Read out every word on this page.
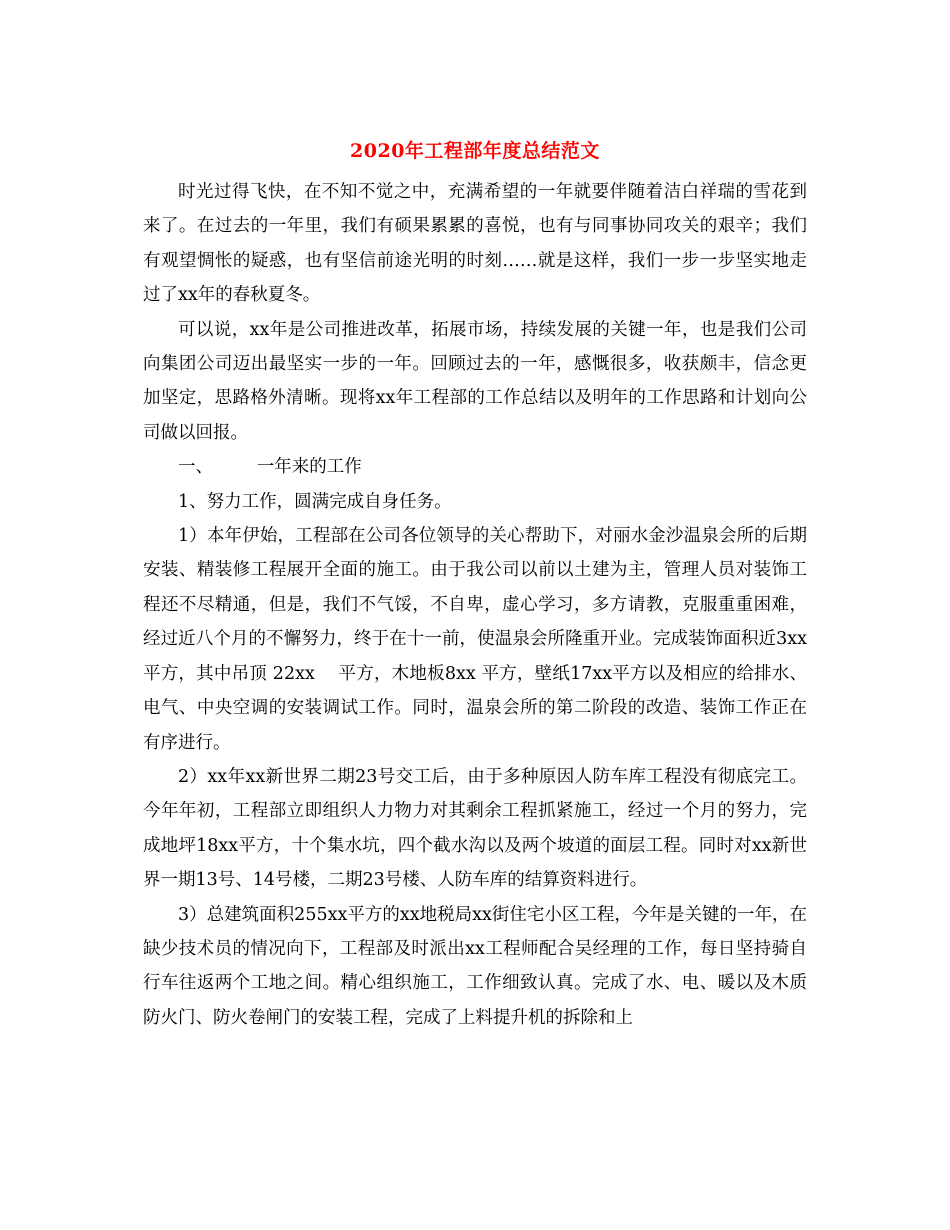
2020年工程部年度总结范文

时光过得飞快，在不知不觉之中，充满希望的一年就要伴随着洁白祥瑞的雪花到来了。在过去的一年里，我们有硕果累累的喜悦，也有与同事协同攻关的艰辛；我们有观望惆怅的疑惑，也有坚信前途光明的时刻……就是这样，我们一步一步坚实地走过了xx年的春秋夏冬。

可以说，xx年是公司推进改革，拓展市场，持续发展的关键一年，也是我们公司向集团公司迈出最坚实一步的一年。回顾过去的一年，感慨很多，收获颇丰，信念更加坚定，思路格外清晰。现将xx年工程部的工作总结以及明年的工作思路和计划向公司做以回报。

一、　　　	一年来的工作

1、努力工作，圆满完成自身任务。

1）本年伊始，工程部在公司各位领导的关心帮助下，对丽水金沙温泉会所的后期安装、精装修工程展开全面的施工。由于我公司以前以土建为主，管理人员对装饰工程还不尽精通，但是，我们不气馁，不自卑，虚心学习，多方请教，克服重重困难，经过近八个月的不懈努力，终于在十一前，使温泉会所隆重开业。完成装饰面积近3xx平方，其中吊顶 22xx　 平方，木地板8xx 平方，壁纸17xx平方以及相应的给排水、电气、中央空调的安装调试工作。同时，温泉会所的第二阶段的改造、装饰工作正在有序进行。

2）xx年xx新世界二期23号交工后，由于多种原因人防车库工程没有彻底完工。今年年初，工程部立即组织人力物力对其剩余工程抓紧施工，经过一个月的努力，完成地坪18xx平方，十个集水坑，四个截水沟以及两个坡道的面层工程。同时对xx新世界一期13号、14号楼，二期23号楼、人防车库的结算资料进行。

3）总建筑面积255xx平方的xx地税局xx街住宅小区工程，今年是关键的一年，在缺少技术员的情况向下，工程部及时派出xx工程师配合吴经理的工作，每日坚持骑自行车往返两个工地之间。精心组织施工，工作细致认真。完成了水、电、暖以及木质防火门、防火卷闸门的安装工程，完成了上料提升机的拆除和上
